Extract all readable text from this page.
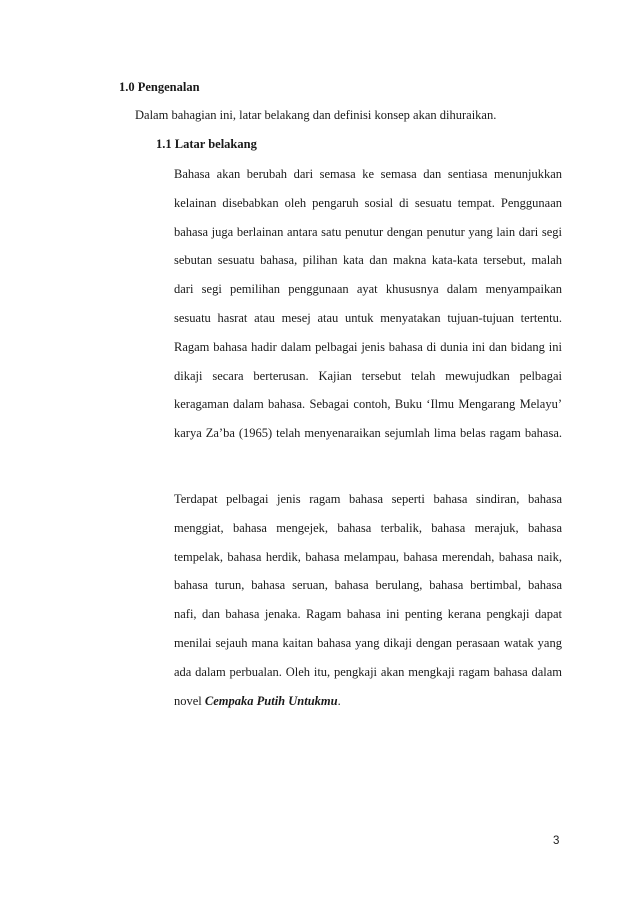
1.0 Pengenalan

Dalam bahagian ini, latar belakang dan definisi konsep akan dihuraikan.

1.1 Latar belakang

Bahasa akan berubah dari semasa ke semasa dan sentiasa menunjukkan
kelainan disebabkan oleh pengaruh sosial di sesuatu tempat. Penggunaan
bahasa juga berlainan antara satu penutur dengan penutur yang lain dari segi
sebutan sesuatu bahasa, pilihan kata dan makna kata-kata tersebut, malah
dari segi pemilihan penggunaan ayat khususnya dalam menyampaikan
sesuatu hasrat atau mesej atau untuk menyatakan tujuan-tujuan tertentu.
Ragam bahasa hadir dalam pelbagai jenis bahasa di dunia ini dan bidang ini
dikaji secara berterusan. Kajian tersebut telah mewujudkan pelbagai
keragaman dalam bahasa. Sebagai contoh, Buku ‘Ilmu Mengarang Melayu’
karya Za’ba (1965) telah menyenaraikan sejumlah lima belas ragam bahasa.
Terdapat pelbagai jenis ragam bahasa seperti bahasa sindiran, bahasa
menggiat, bahasa mengejek, bahasa terbalik, bahasa merajuk, bahasa
tempelak, bahasa herdik, bahasa melampau, bahasa merendah, bahasa naik,
bahasa turun, bahasa seruan, bahasa berulang, bahasa bertimbal, bahasa
nafi, dan bahasa jenaka. Ragam bahasa ini penting kerana pengkaji dapat
menilai sejauh mana kaitan bahasa yang dikaji dengan perasaan watak yang
ada dalam perbualan. Oleh itu, pengkaji akan mengkaji ragam bahasa dalam
novel Cempaka Putih Untukmu.

3
